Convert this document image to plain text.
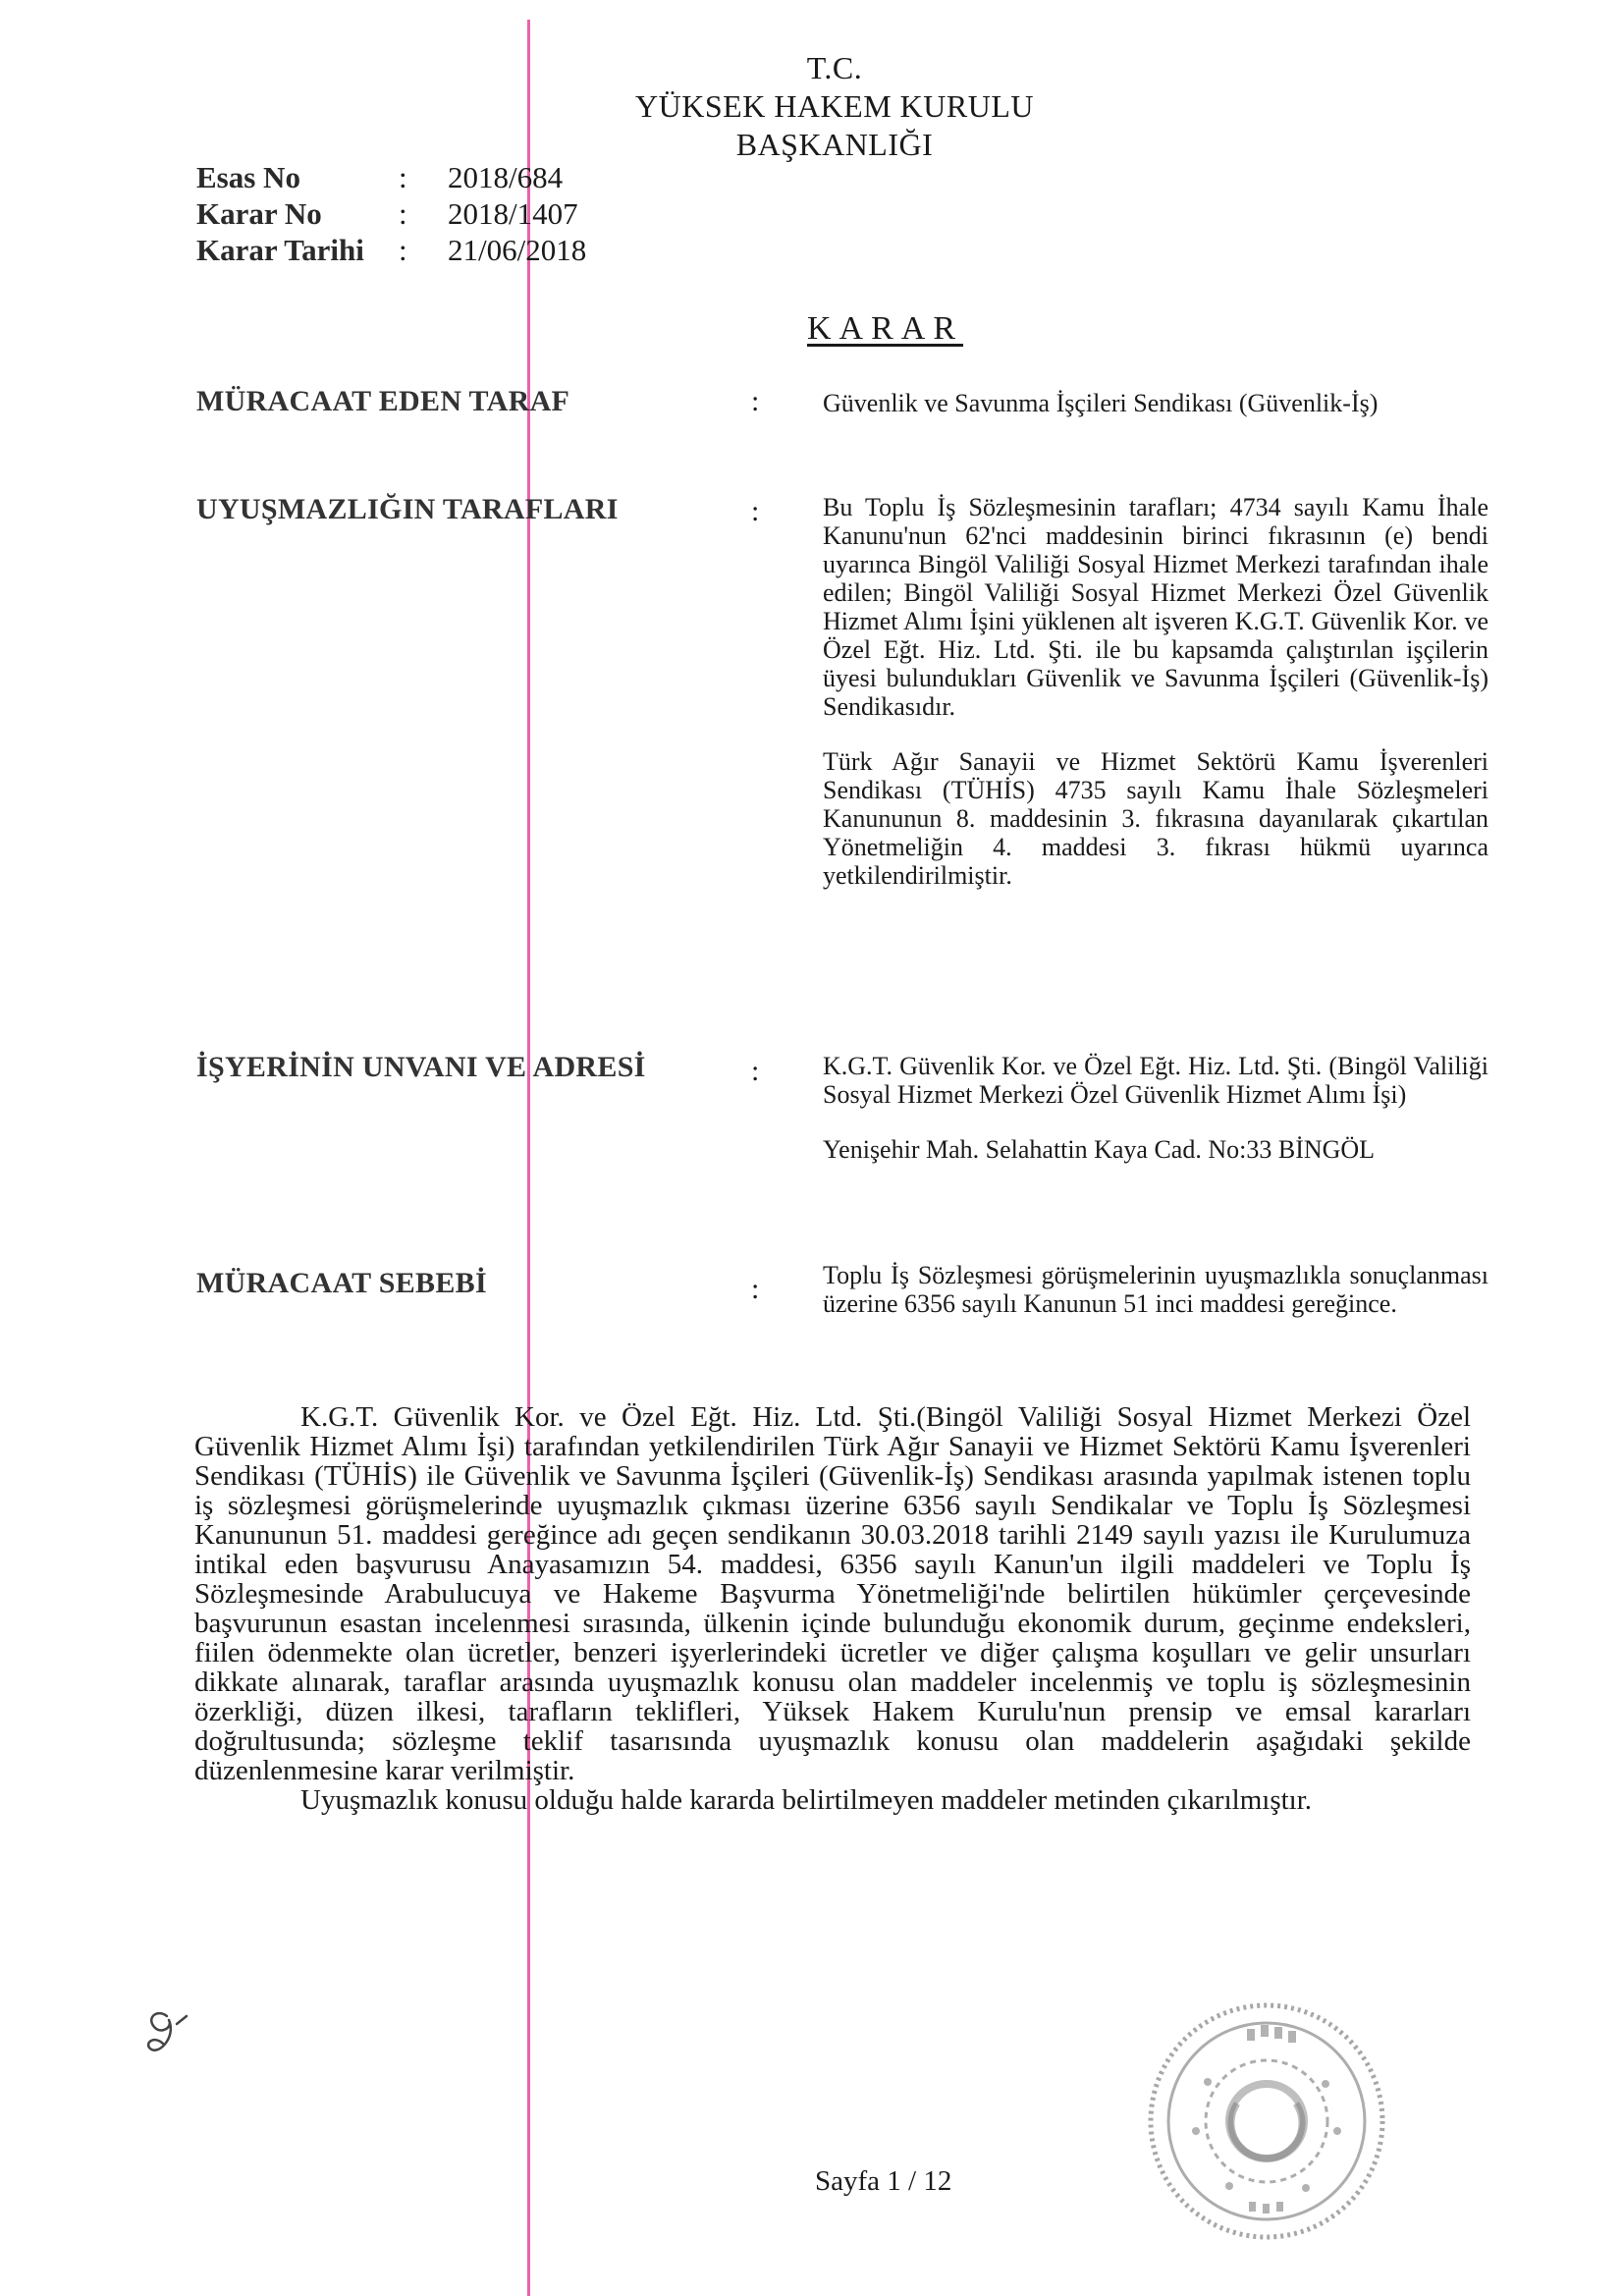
T.C.
YÜKSEK HAKEM KURULU
BAŞKANLIĞI
Esas No	: 2018/684
Karar No	: 2018/1407
Karar Tarihi : 21/06/2018
KARAR
MÜRACAAT EDEN TARAF	: Güvenlik ve Savunma İşçileri Sendikası (Güvenlik-İş)

UYUŞMAZLIĞIN TARAFLARI	: Bu Toplu İş Sözleşmesinin tarafları; 4734 sayılı Kamu İhale Kanunu'nun 62'nci maddesinin birinci fıkrasının (e) bendi uyarınca Bingöl Valiliği Sosyal Hizmet Merkezi tarafından ihale edilen; Bingöl Valiliği Sosyal Hizmet Merkezi Özel Güvenlik Hizmet Alımı İşini yüklenen alt işveren K.G.T. Güvenlik Kor. ve Özel Eğt. Hiz. Ltd. Şti. ile bu kapsamda çalıştırılan işçilerin üyesi bulundukları Güvenlik ve Savunma İşçileri (Güvenlik-İş) Sendikasıdır.

Türk Ağır Sanayii ve Hizmet Sektörü Kamu İşverenleri Sendikası (TÜHİS) 4735 sayılı Kamu İhale Sözleşmeleri Kanununun 8. maddesinin 3. fıkrasına dayanılarak çıkartılan Yönetmeliğin 4. maddesi 3. fıkrası hükmü uyarınca yetkilendirilmiştir.

İŞYERİNİN UNVANI VE ADRESİ	: K.G.T. Güvenlik Kor. ve Özel Eğt. Hiz. Ltd. Şti. (Bingöl Valiliği Sosyal Hizmet Merkezi Özel Güvenlik Hizmet Alımı İşi)

Yenişehir Mah. Selahattin Kaya Cad. No:33 BİNGÖL

MÜRACAAT SEBEBİ	: Toplu İş Sözleşmesi görüşmelerinin uyuşmazlıkla sonuçlanması üzerine 6356 sayılı Kanunun 51 inci maddesi gereğince.

K.G.T. Güvenlik Kor. ve Özel Eğt. Hiz. Ltd. Şti.(Bingöl Valiliği Sosyal Hizmet Merkezi Özel Güvenlik Hizmet Alımı İşi) tarafından yetkilendirilen Türk Ağır Sanayii ve Hizmet Sektörü Kamu İşverenleri Sendikası (TÜHİS) ile Güvenlik ve Savunma İşçileri (Güvenlik-İş) Sendikası arasında yapılmak istenen toplu iş sözleşmesi görüşmelerinde uyuşmazlık çıkması üzerine 6356 sayılı Sendikalar ve Toplu İş Sözleşmesi Kanununun 51. maddesi gereğince adı geçen sendikanın 30.03.2018 tarihli 2149 sayılı yazısı ile Kurulumuza intikal eden başvurusu Anayasamızın 54. maddesi, 6356 sayılı Kanun'un ilgili maddeleri ve Toplu İş Sözleşmesinde Arabulucuya ve Hakeme Başvurma Yönetmeliği'nde belirtilen hükümler çerçevesinde başvurunun esastan incelenmesi sırasında, ülkenin içinde bulunduğu ekonomik durum, geçinme endeksleri, fiilen ödenmekte olan ücretler, benzeri işyerlerindeki ücretler ve diğer çalışma koşulları ve gelir unsurları dikkate alınarak, taraflar arasında uyuşmazlık konusu olan maddeler incelenmiş ve toplu iş sözleşmesinin özerkliği, düzen ilkesi, tarafların teklifleri, Yüksek Hakem Kurulu'nun prensip ve emsal kararları doğrultusunda; sözleşme teklif tasarısında uyuşmazlık konusu olan maddelerin aşağıdaki şekilde düzenlenmesine karar verilmiştir.

Uyuşmazlık konusu olduğu halde kararda belirtilmeyen maddeler metinden çıkarılmıştır.

Sayfa 1 / 12
